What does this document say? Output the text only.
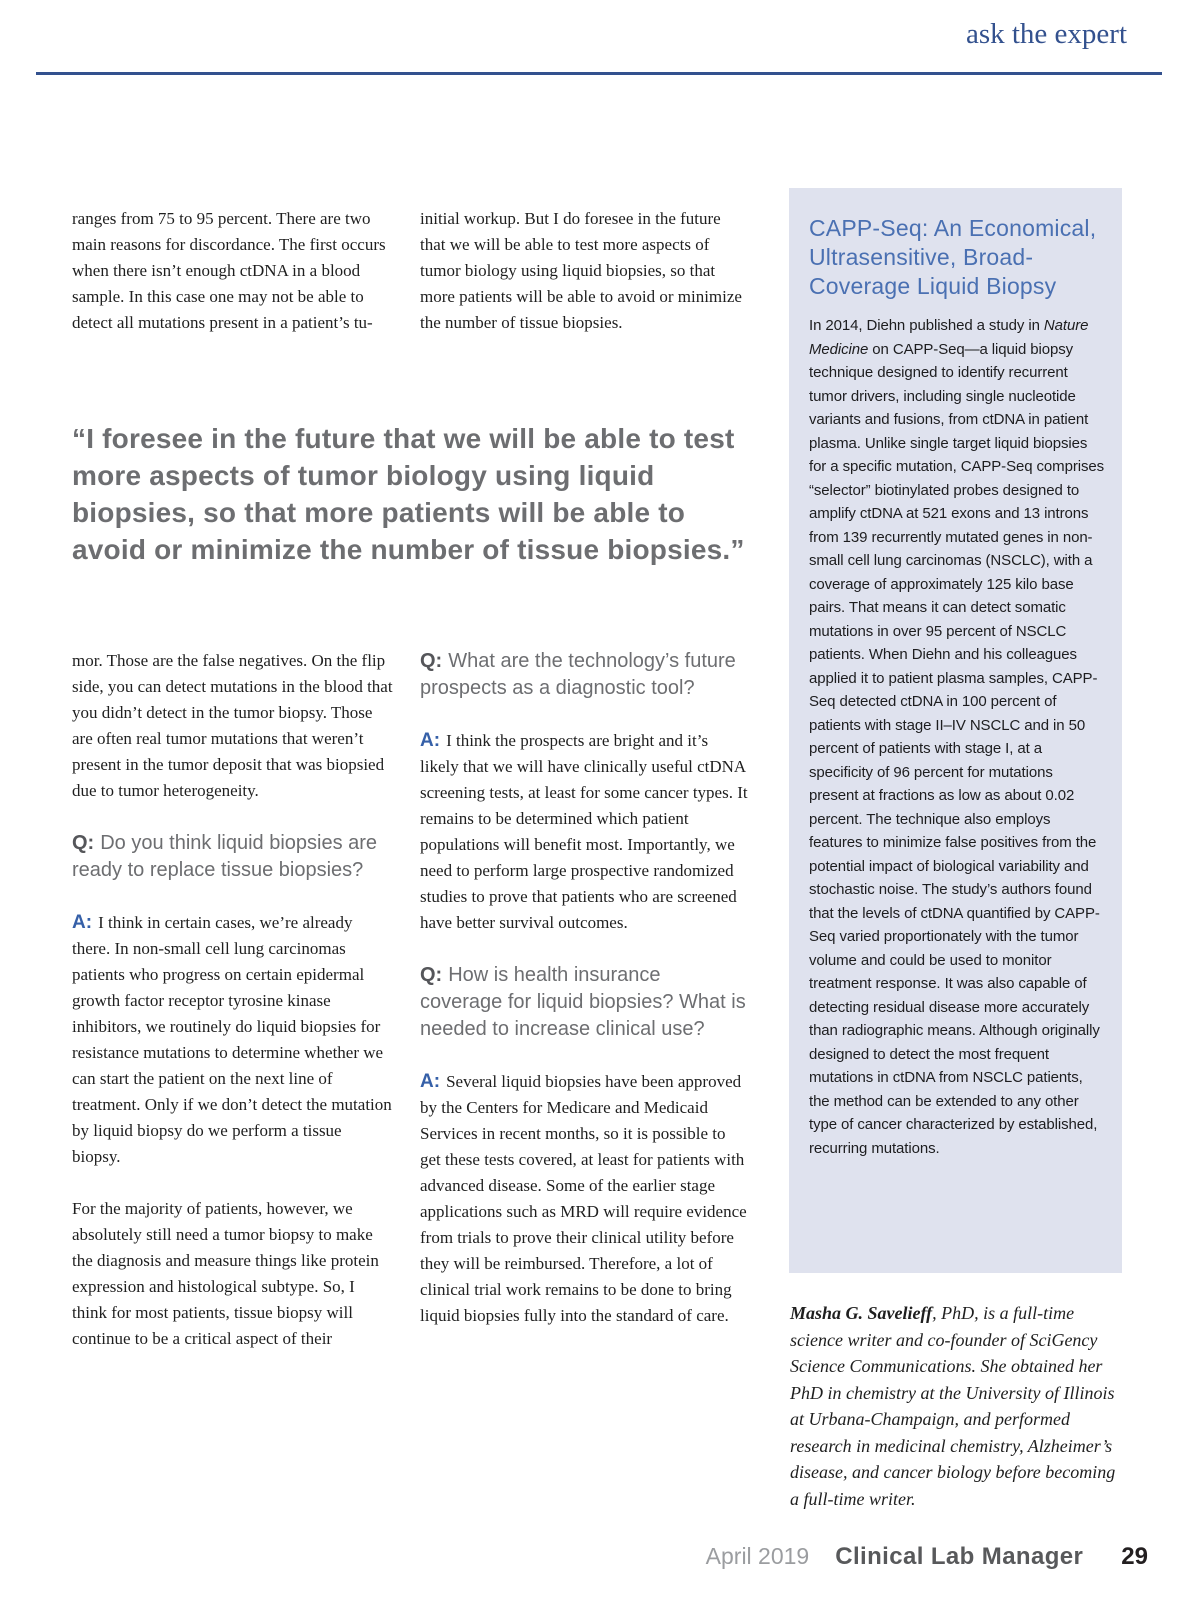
ask the expert
ranges from 75 to 95 percent. There are two main reasons for discordance. The first occurs when there isn’t enough ctDNA in a blood sample. In this case one may not be able to detect all mutations present in a patient’s tu-
initial workup. But I do foresee in the future that we will be able to test more aspects of tumor biology using liquid biopsies, so that more patients will be able to avoid or minimize the number of tissue biopsies.
“I foresee in the future that we will be able to test more aspects of tumor biology using liquid biopsies, so that more patients will be able to avoid or minimize the number of tissue biopsies.”

mor. Those are the false negatives. On the flip side, you can detect mutations in the blood that you didn’t detect in the tumor biopsy. Those are often real tumor mutations that weren’t present in the tumor deposit that was biopsied due to tumor heterogeneity.

Q: Do you think liquid biopsies are ready to replace tissue biopsies?

A: I think in certain cases, we’re already there. In non-small cell lung carcinomas patients who progress on certain epidermal growth factor receptor tyrosine kinase inhibitors, we routinely do liquid biopsies for resistance mutations to determine whether we can start the patient on the next line of treatment. Only if we don’t detect the mutation by liquid biopsy do we perform a tissue biopsy.

For the majority of patients, however, we absolutely still need a tumor biopsy to make the diagnosis and measure things like protein expression and histological subtype. So, I think for most patients, tissue biopsy will continue to be a critical aspect of their

Q: What are the technology’s future prospects as a diagnostic tool?

A: I think the prospects are bright and it’s likely that we will have clinically useful ctDNA screening tests, at least for some cancer types. It remains to be determined which patient populations will benefit most. Importantly, we need to perform large prospective randomized studies to prove that patients who are screened have better survival outcomes.

Q: How is health insurance coverage for liquid biopsies? What is needed to increase clinical use?

A: Several liquid biopsies have been approved by the Centers for Medicare and Medicaid Services in recent months, so it is possible to get these tests covered, at least for patients with advanced disease. Some of the earlier stage applications such as MRD will require evidence from trials to prove their clinical utility before they will be reimbursed. Therefore, a lot of clinical trial work remains to be done to bring liquid biopsies fully into the standard of care.

CAPP-Seq: An Economical, Ultrasensitive, Broad-Coverage Liquid Biopsy

In 2014, Diehn published a study in Nature Medicine on CAPP-Seq—a liquid biopsy technique designed to identify recurrent tumor drivers, including single nucleotide variants and fusions, from ctDNA in patient plasma. Unlike single target liquid biopsies for a specific mutation, CAPP-Seq comprises “selector” biotinylated probes designed to amplify ctDNA at 521 exons and 13 introns from 139 recurrently mutated genes in non-small cell lung carcinomas (NSCLC), with a coverage of approximately 125 kilo base pairs. That means it can detect somatic mutations in over 95 percent of NSCLC patients. When Diehn and his colleagues applied it to patient plasma samples, CAPP-Seq detected ctDNA in 100 percent of patients with stage II–IV NSCLC and in 50 percent of patients with stage I, at a specificity of 96 percent for mutations present at fractions as low as about 0.02 percent. The technique also employs features to minimize false positives from the potential impact of biological variability and stochastic noise. The study’s authors found that the levels of ctDNA quantified by CAPP-Seq varied proportionately with the tumor volume and could be used to monitor treatment response. It was also capable of detecting residual disease more accurately than radiographic means. Although originally designed to detect the most frequent mutations in ctDNA from NSCLC patients, the method can be extended to any other type of cancer characterized by established, recurring mutations.

Masha G. Savelieff, PhD, is a full-time science writer and co-founder of SciGency Science Communications. She obtained her PhD in chemistry at the University of Illinois at Urbana-Champaign, and performed research in medicinal chemistry, Alzheimer’s disease, and cancer biology before becoming a full-time writer.
April 2019 Clinical Lab Manager 29
